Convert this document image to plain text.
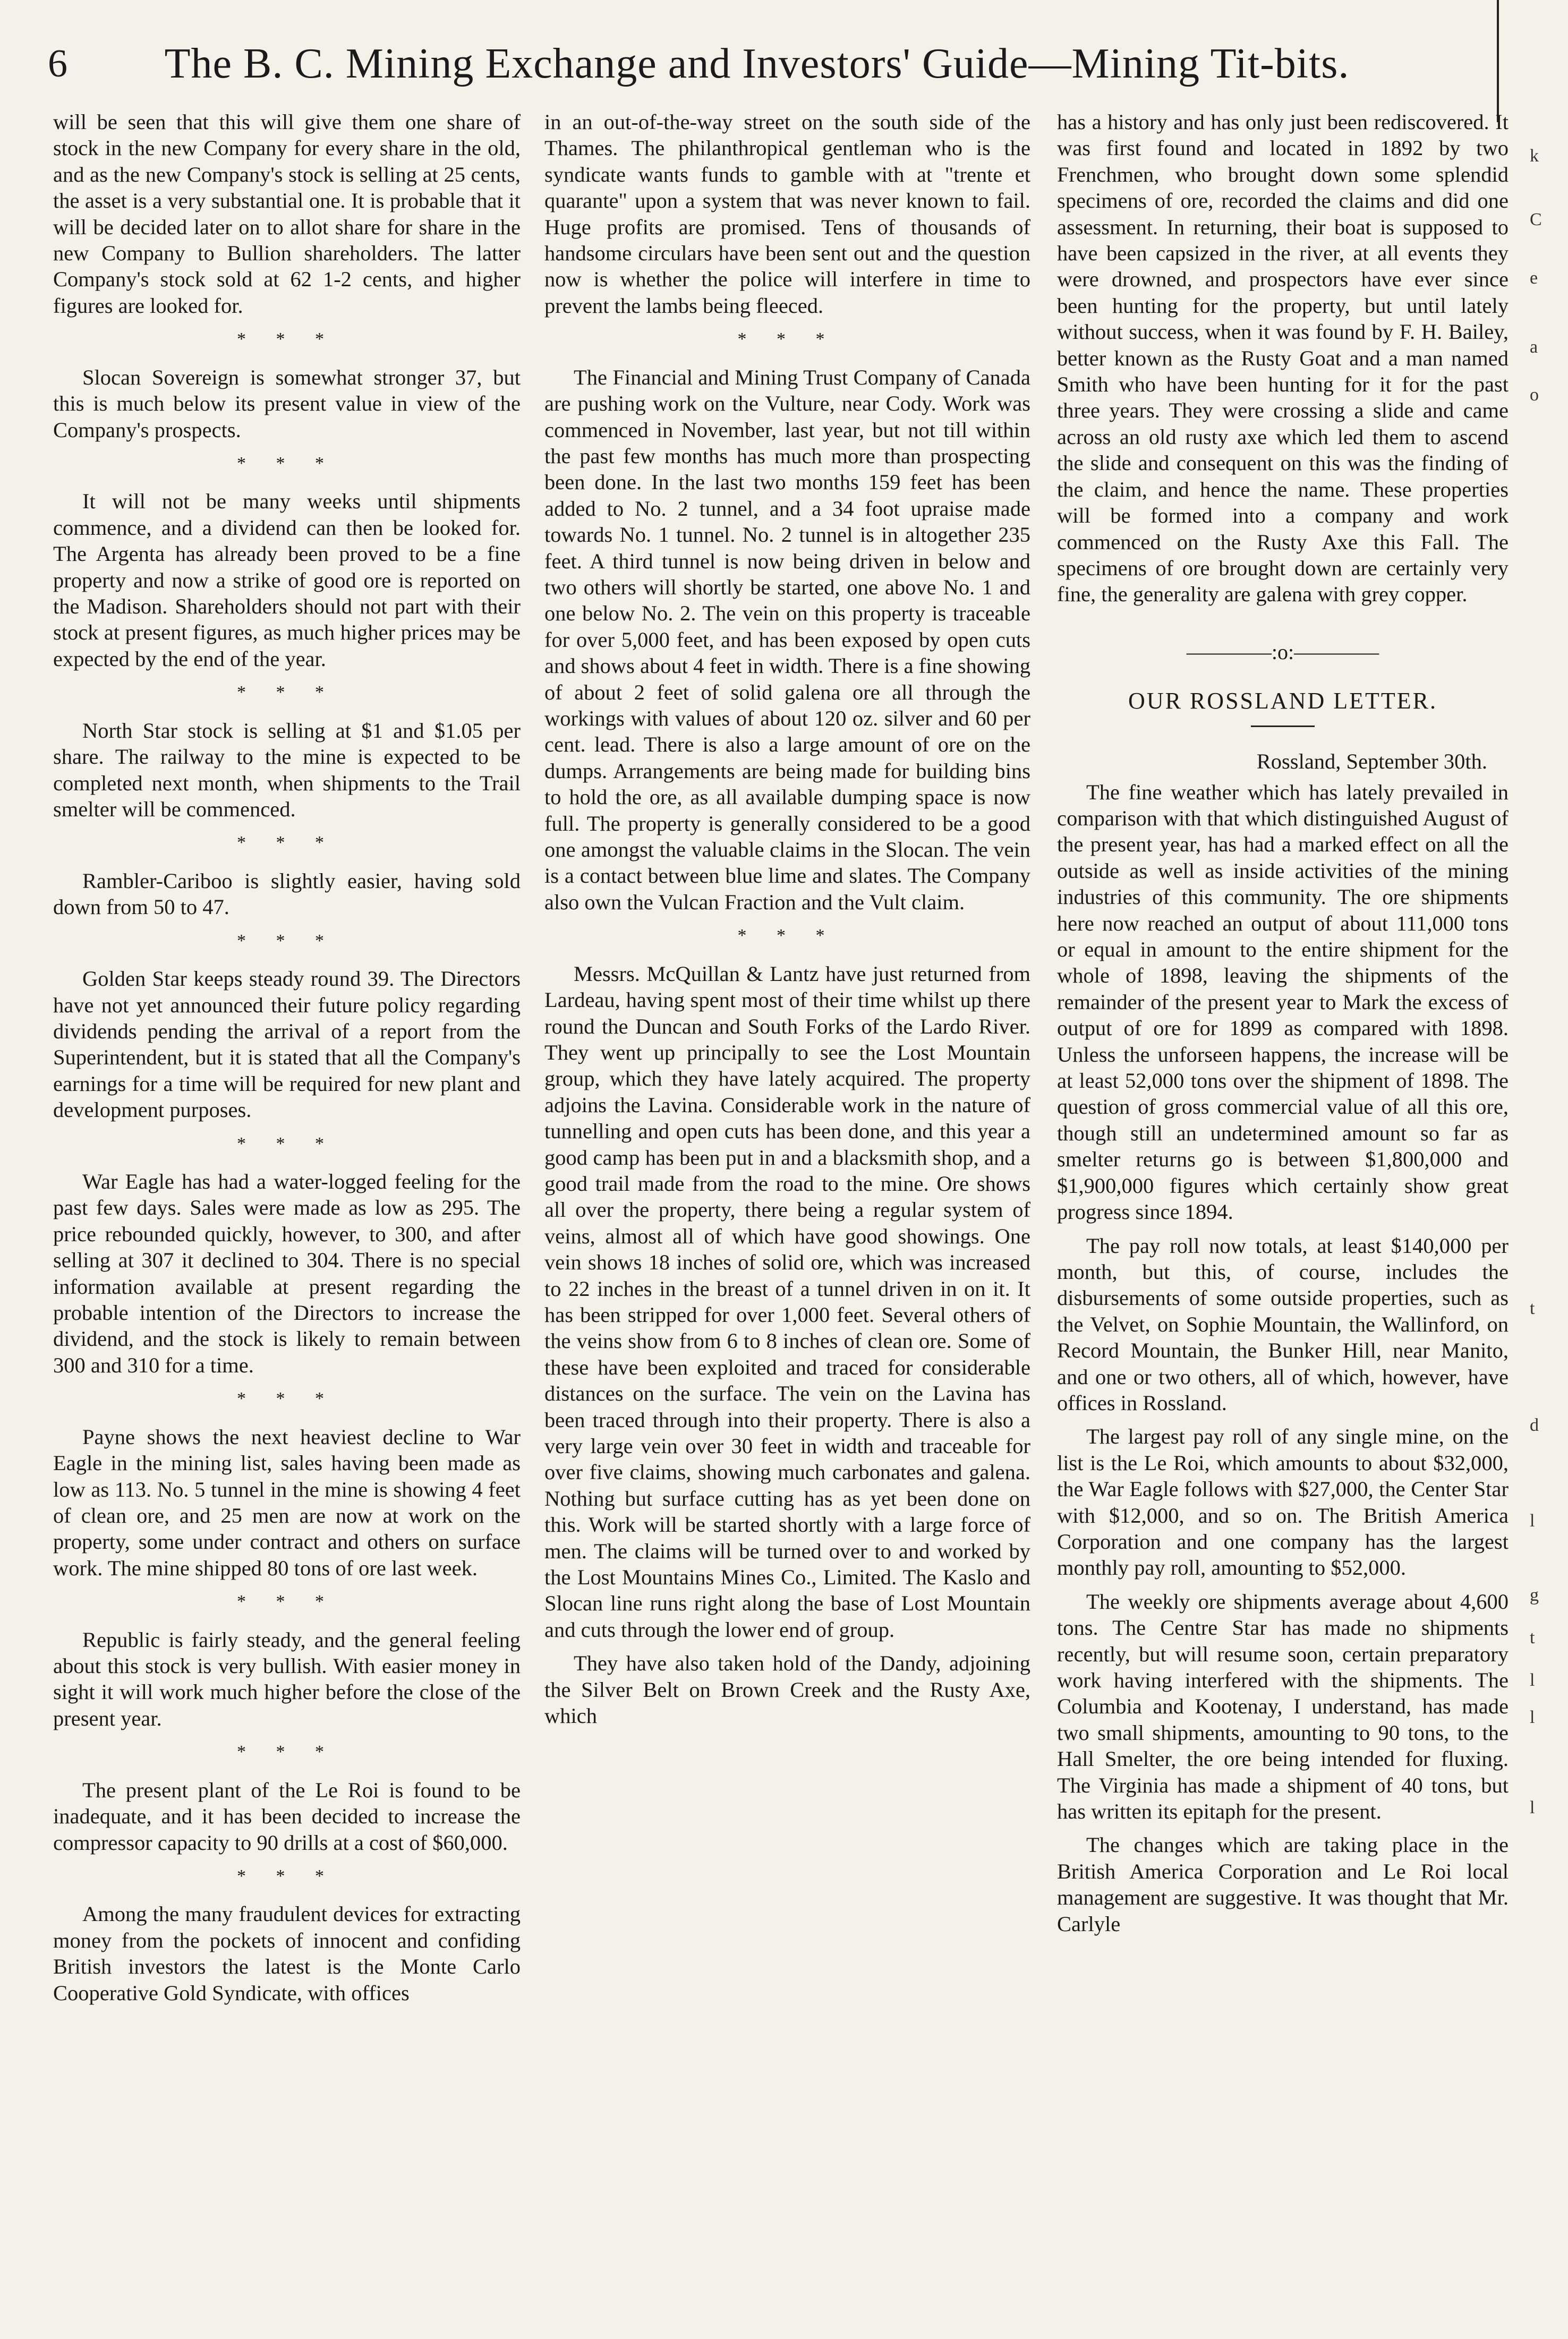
6	The B. C. Mining Exchange and Investors' Guide—Mining Tit-bits.

will be seen that this will give them one share of stock in the new Company for every share in the old, and as the new Company's stock is selling at 25 cents, the asset is a very substantial one. It is probable that it will be decided later on to allot share for share in the new Company to Bullion shareholders. The latter Company's stock sold at 62 1-2 cents, and higher figures are looked for.

* * *

Slocan Sovereign is somewhat stronger 37, but this is much below its present value in view of the Company's prospects.

* * *

It will not be many weeks until shipments commence, and a dividend can then be looked for. The Argenta has already been proved to be a fine property and now a strike of good ore is reported on the Madison. Shareholders should not part with their stock at present figures, as much higher prices may be expected by the end of the year.

* * *

North Star stock is selling at $1 and $1.05 per share. The railway to the mine is expected to be completed next month, when shipments to the Trail smelter will be commenced.

* * *

Rambler-Cariboo is slightly easier, having sold down from 50 to 47.

* * *

Golden Star keeps steady round 39. The Directors have not yet announced their future policy regarding dividends pending the arrival of a report from the Superintendent, but it is stated that all the Company's earnings for a time will be required for new plant and development purposes.

* * *

War Eagle has had a water-logged feeling for the past few days. Sales were made as low as 295. The price rebounded quickly, however, to 300, and after selling at 307 it declined to 304. There is no special information available at present regarding the probable intention of the Directors to increase the dividend, and the stock is likely to remain between 300 and 310 for a time.

* * *

Payne shows the next heaviest decline to War Eagle in the mining list, sales having been made as low as 113. No. 5 tunnel in the mine is showing 4 feet of clean ore, and 25 men are now at work on the property, some under contract and others on surface work. The mine shipped 80 tons of ore last week.

* * *

Republic is fairly steady, and the general feeling about this stock is very bullish. With easier money in sight it will work much higher before the close of the present year.

* * *

The present plant of the Le Roi is found to be inadequate, and it has been decided to increase the compressor capacity to 90 drills at a cost of $60,000.

* * *

Among the many fraudulent devices for extracting money from the pockets of innocent and confiding British investors the latest is the Monte Carlo Cooperative Gold Syndicate, with offices

in an out-of-the-way street on the south side of the Thames. The philanthropical gentleman who is the syndicate wants funds to gamble with at "trente et quarante" upon a system that was never known to fail. Huge profits are promised. Tens of thousands of handsome circulars have been sent out and the question now is whether the police will interfere in time to prevent the lambs being fleeced.

* * *

The Financial and Mining Trust Company of Canada are pushing work on the Vulture, near Cody. Work was commenced in November, last year, but not till within the past few months has much more than prospecting been done. In the last two months 159 feet has been added to No. 2 tunnel, and a 34 foot upraise made towards No. 1 tunnel. No. 2 tunnel is in altogether 235 feet. A third tunnel is now being driven in below and two others will shortly be started, one above No. 1 and one below No. 2. The vein on this property is traceable for over 5,000 feet, and has been exposed by open cuts and shows about 4 feet in width. There is a fine showing of about 2 feet of solid galena ore all through the workings with values of about 120 oz. silver and 60 per cent. lead. There is also a large amount of ore on the dumps. Arrangements are being made for building bins to hold the ore, as all available dumping space is now full. The property is generally considered to be a good one amongst the valuable claims in the Slocan. The vein is a contact between blue lime and slates. The Company also own the Vulcan Fraction and the Vult claim.

* * *

Messrs. McQuillan & Lantz have just returned from Lardeau, having spent most of their time whilst up there round the Duncan and South Forks of the Lardo River. They went up principally to see the Lost Mountain group, which they have lately acquired. The property adjoins the Lavina. Considerable work in the nature of tunnelling and open cuts has been done, and this year a good camp has been put in and a blacksmith shop, and a good trail made from the road to the mine. Ore shows all over the property, there being a regular system of veins, almost all of which have good showings. One vein shows 18 inches of solid ore, which was increased to 22 inches in the breast of a tunnel driven in on it. It has been stripped for over 1,000 feet. Several others of the veins show from 6 to 8 inches of clean ore. Some of these have been exploited and traced for considerable distances on the surface. The vein on the Lavina has been traced through into their property. There is also a very large vein over 30 feet in width and traceable for over five claims, showing much carbonates and galena. Nothing but surface cutting has as yet been done on this. Work will be started shortly with a large force of men. The claims will be turned over to and worked by the Lost Mountains Mines Co., Limited. The Kaslo and Slocan line runs right along the base of Lost Mountain and cuts through the lower end of group.

They have also taken hold of the Dandy, adjoining the Silver Belt on Brown Creek and the Rusty Axe, which

has a history and has only just been rediscovered. It was first found and located in 1892 by two Frenchmen, who brought down some splendid specimens of ore, recorded the claims and did one assessment. In returning, their boat is supposed to have been capsized in the river, at all events they were drowned, and prospectors have ever since been hunting for the property, but until lately without success, when it was found by F. H. Bailey, better known as the Rusty Goat and a man named Smith who have been hunting for it for the past three years. They were crossing a slide and came across an old rusty axe which led them to ascend the slide and consequent on this was the finding of the claim, and hence the name. These properties will be formed into a company and work commenced on the Rusty Axe this Fall. The specimens of ore brought down are certainly very fine, the generality are galena with grey copper.

————:o:————
OUR ROSSLAND LETTER.
Rossland, September 30th.

The fine weather which has lately prevailed in comparison with that which distinguished August of the present year, has had a marked effect on all the outside as well as inside activities of the mining industries of this community. The ore shipments here now reached an output of about 111,000 tons or equal in amount to the entire shipment for the whole of 1898, leaving the shipments of the remainder of the present year to Mark the excess of output of ore for 1899 as compared with 1898. Unless the unforseen happens, the increase will be at least 52,000 tons over the shipment of 1898. The question of gross commercial value of all this ore, though still an undetermined amount so far as smelter returns go is between $1,800,000 and $1,900,000 figures which certainly show great progress since 1894.

The pay roll now totals, at least $140,000 per month, but this, of course, includes the disbursements of some outside properties, such as the Velvet, on Sophie Mountain, the Wallinford, on Record Mountain, the Bunker Hill, near Manito, and one or two others, all of which, however, have offices in Rossland.

The largest pay roll of any single mine, on the list is the Le Roi, which amounts to about $32,000, the War Eagle follows with $27,000, the Center Star with $12,000, and so on. The British America Corporation and one company has the largest monthly pay roll, amounting to $52,000.

The weekly ore shipments average about 4,600 tons. The Centre Star has made no shipments recently, but will resume soon, certain preparatory work having interfered with the shipments. The Columbia and Kootenay, I understand, has made two small shipments, amounting to 90 tons, to the Hall Smelter, the ore being intended for fluxing. The Virginia has made a shipment of 40 tons, but has written its epitaph for the present.

The changes which are taking place in the British America Corporation and Le Roi local management are suggestive. It was thought that Mr. Carlyle

k
C
e
a
o
t
d
l
g
t
l
l
l
